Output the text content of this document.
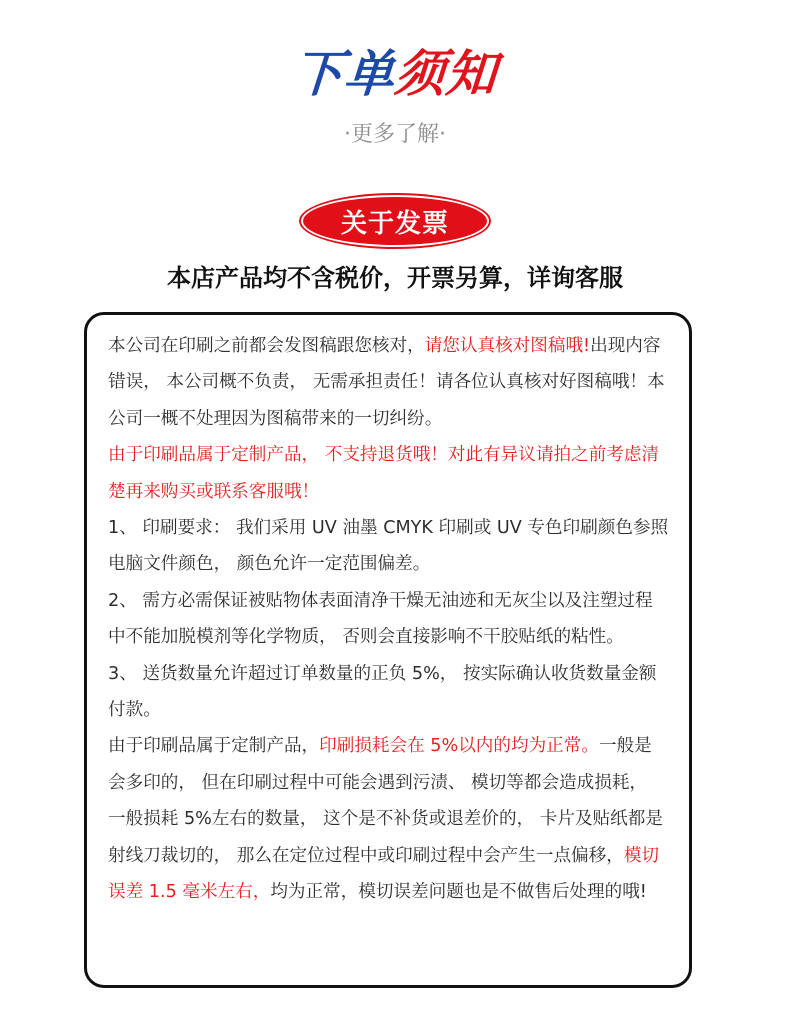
下单须知
·更多了解·
关于发票
本店产品均不含税价，开票另算，详询客服
本公司在印刷之前都会发图稿跟您核对，请您认真核对图稿哦!出现内容错误， 本公司概不负责， 无需承担责任！请各位认真核对好图稿哦！本公司一概不处理因为图稿带来的一切纠纷。
由于印刷品属于定制产品， 不支持退货哦！对此有异议请拍之前考虑清楚再来购买或联系客服哦！
1、 印刷要求： 我们采用 UV 油墨 CMYK 印刷或 UV 专色印刷颜色参照电脑文件颜色， 颜色允许一定范围偏差。
2、 需方必需保证被贴物体表面清净干燥无油迹和无灰尘以及注塑过程中不能加脱模剂等化学物质， 否则会直接影响不干胶贴纸的粘性。
3、 送货数量允许超过订单数量的正负 5%， 按实际确认收货数量金额付款。
由于印刷品属于定制产品，印刷损耗会在 5%以内的均为正常。一般是会多印的， 但在印刷过程中可能会遇到污渍、 模切等都会造成损耗， 一般损耗 5%左右的数量， 这个是不补货或退差价的， 卡片及贴纸都是射线刀裁切的， 那么在定位过程中或印刷过程中会产生一点偏移，模切误差 1.5 毫米左右，均为正常，模切误差问题也是不做售后处理的哦!
